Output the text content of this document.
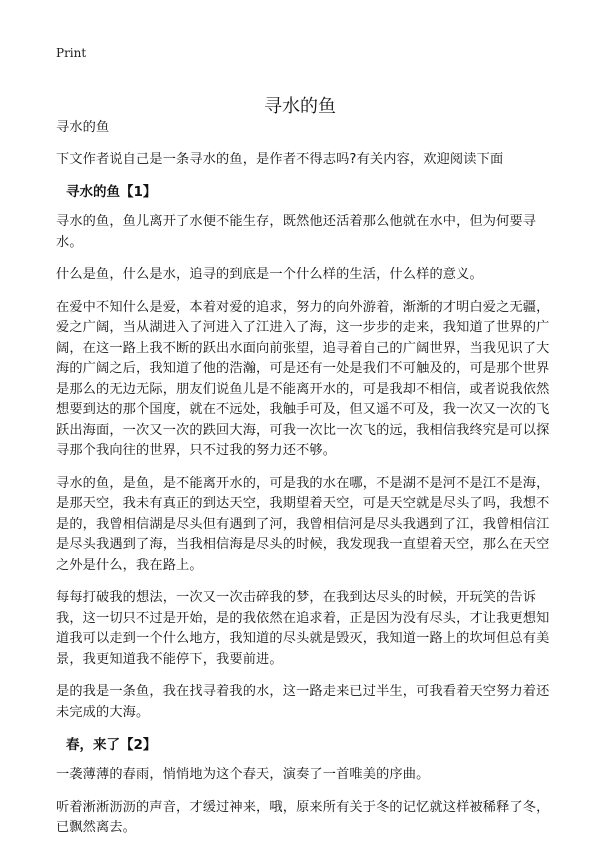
Print
寻水的鱼

寻水的鱼

下文作者说自己是一条寻水的鱼，是作者不得志吗?有关内容，欢迎阅读下面

寻水的鱼【1】

寻水的鱼，鱼儿离开了水便不能生存，既然他还活着那么他就在水中，但为何要寻水。

什么是鱼，什么是水，追寻的到底是一个什么样的生活，什么样的意义。

在爱中不知什么是爱，本着对爱的追求，努力的向外游着，渐渐的才明白爱之无疆，爱之广阔，当从湖进入了河进入了江进入了海，这一步步的走来，我知道了世界的广阔，在这一路上我不断的跃出水面向前张望，追寻着自己的广阔世界，当我见识了大海的广阔之后，我知道了他的浩瀚，可是还有一处是我们不可触及的，可是那个世界是那么的无边无际，朋友们说鱼儿是不能离开水的，可是我却不相信，或者说我依然想要到达的那个国度，就在不远处，我触手可及，但又遥不可及，我一次又一次的飞跃出海面，一次又一次的跌回大海，可我一次比一次飞的远，我相信我终究是可以探寻那个我向往的世界，只不过我的努力还不够。

寻水的鱼，是鱼，是不能离开水的，可是我的水在哪，不是湖不是河不是江不是海，是那天空，我未有真正的到达天空，我期望着天空，可是天空就是尽头了吗，我想不是的，我曾相信湖是尽头但有遇到了河，我曾相信河是尽头我遇到了江，我曾相信江是尽头我遇到了海，当我相信海是尽头的时候，我发现我一直望着天空，那么在天空之外是什么，我在路上。

每每打破我的想法，一次又一次击碎我的梦，在我到达尽头的时候，开玩笑的告诉我，这一切只不过是开始，是的我依然在追求着，正是因为没有尽头，才让我更想知道我可以走到一个什么地方，我知道的尽头就是毁灭，我知道一路上的坎坷但总有美景，我更知道我不能停下，我要前进。

是的我是一条鱼，我在找寻着我的水，这一路走来已过半生，可我看着天空努力着还未完成的大海。

春，来了【2】

一袭薄薄的春雨，悄悄地为这个春天，演奏了一首唯美的序曲。

听着淅淅沥沥的声音，才缓过神来，哦，原来所有关于冬的记忆就这样被稀释了冬，已飘然离去。
